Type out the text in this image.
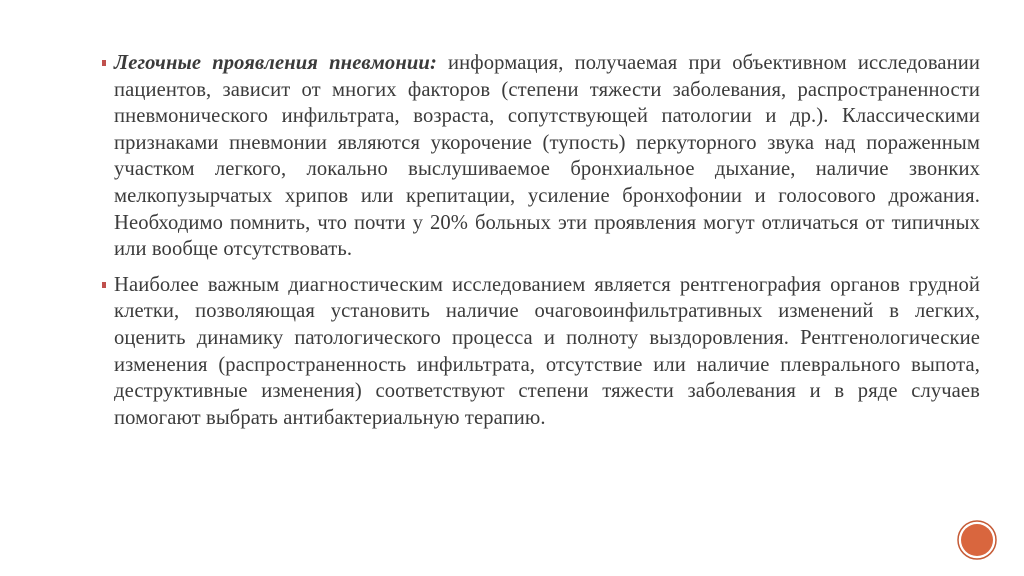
Легочные проявления пневмонии: информация, получаемая при объективном исследовании пациентов, зависит от многих факторов (степени тяжести заболевания, распространенности пневмонического инфильтрата, возраста, сопутствующей патологии и др.). Классическими признаками пневмонии являются укорочение (тупость) перкуторного звука над пораженным участком легкого, локально выслушиваемое бронхиальное дыхание, наличие звонких мелкопузырчатых хрипов или крепитации, усиление бронхофонии и голосового дрожания. Необходимо помнить, что почти у 20% больных эти проявления могут отличаться от типичных или вообще отсутствовать.
Наиболее важным диагностическим исследованием является рентгенография органов грудной клетки, позволяющая установить наличие очаговоинфильтративных изменений в легких, оценить динамику патологического процесса и полноту выздоровления. Рентгенологические изменения (распространенность инфильтрата, отсутствие или наличие плеврального выпота, деструктивные изменения) соответствуют степени тяжести заболевания и в ряде случаев помогают выбрать антибактериальную терапию.
